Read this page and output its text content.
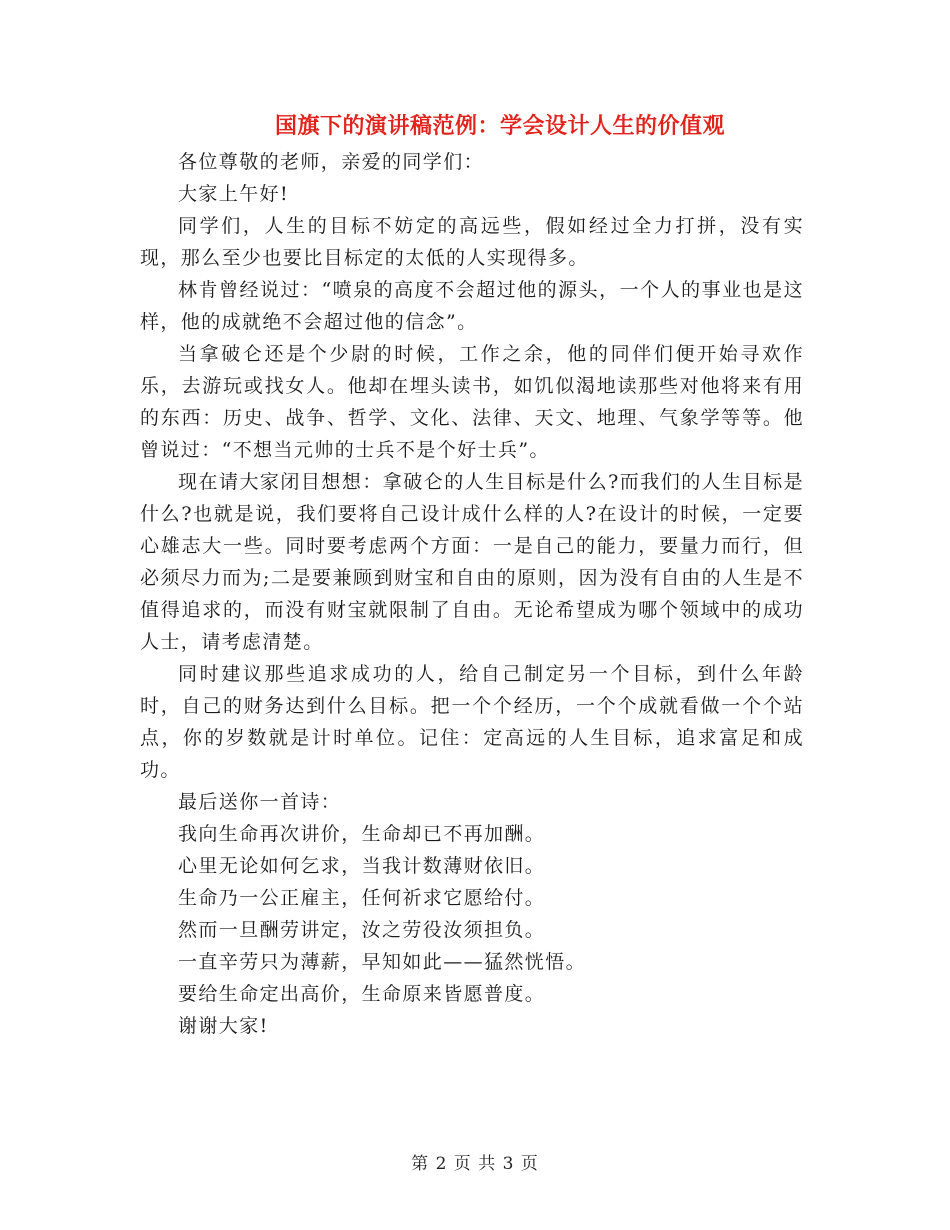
国旗下的演讲稿范例：学会设计人生的价值观

各位尊敬的老师，亲爱的同学们：

大家上午好!

同学们，人生的目标不妨定的高远些，假如经过全力打拼，没有实现，那么至少也要比目标定的太低的人实现得多。

林肯曾经说过：“喷泉的高度不会超过他的源头，一个人的事业也是这样，他的成就绝不会超过他的信念”。

当拿破仑还是个少尉的时候，工作之余，他的同伴们便开始寻欢作乐，去游玩或找女人。他却在埋头读书，如饥似渴地读那些对他将来有用的东西：历史、战争、哲学、文化、法律、天文、地理、气象学等等。他曾说过：“不想当元帅的士兵不是个好士兵”。

现在请大家闭目想想：拿破仑的人生目标是什么?而我们的人生目标是什么?也就是说，我们要将自己设计成什么样的人?在设计的时候，一定要心雄志大一些。同时要考虑两个方面：一是自己的能力，要量力而行，但必须尽力而为;二是要兼顾到财宝和自由的原则，因为没有自由的人生是不值得追求的，而没有财宝就限制了自由。无论希望成为哪个领域中的成功人士，请考虑清楚。

同时建议那些追求成功的人，给自己制定另一个目标，到什么年龄时，自己的财务达到什么目标。把一个个经历，一个个成就看做一个个站点，你的岁数就是计时单位。记住：定高远的人生目标，追求富足和成功。

最后送你一首诗：

我向生命再次讲价，生命却已不再加酬。

心里无论如何乞求，当我计数薄财依旧。

生命乃一公正雇主，任何祈求它愿给付。

然而一旦酬劳讲定，汝之劳役汝须担负。

一直辛劳只为薄薪，早知如此——猛然恍悟。

要给生命定出高价，生命原来皆愿普度。

谢谢大家!

第 2 页 共 3 页
